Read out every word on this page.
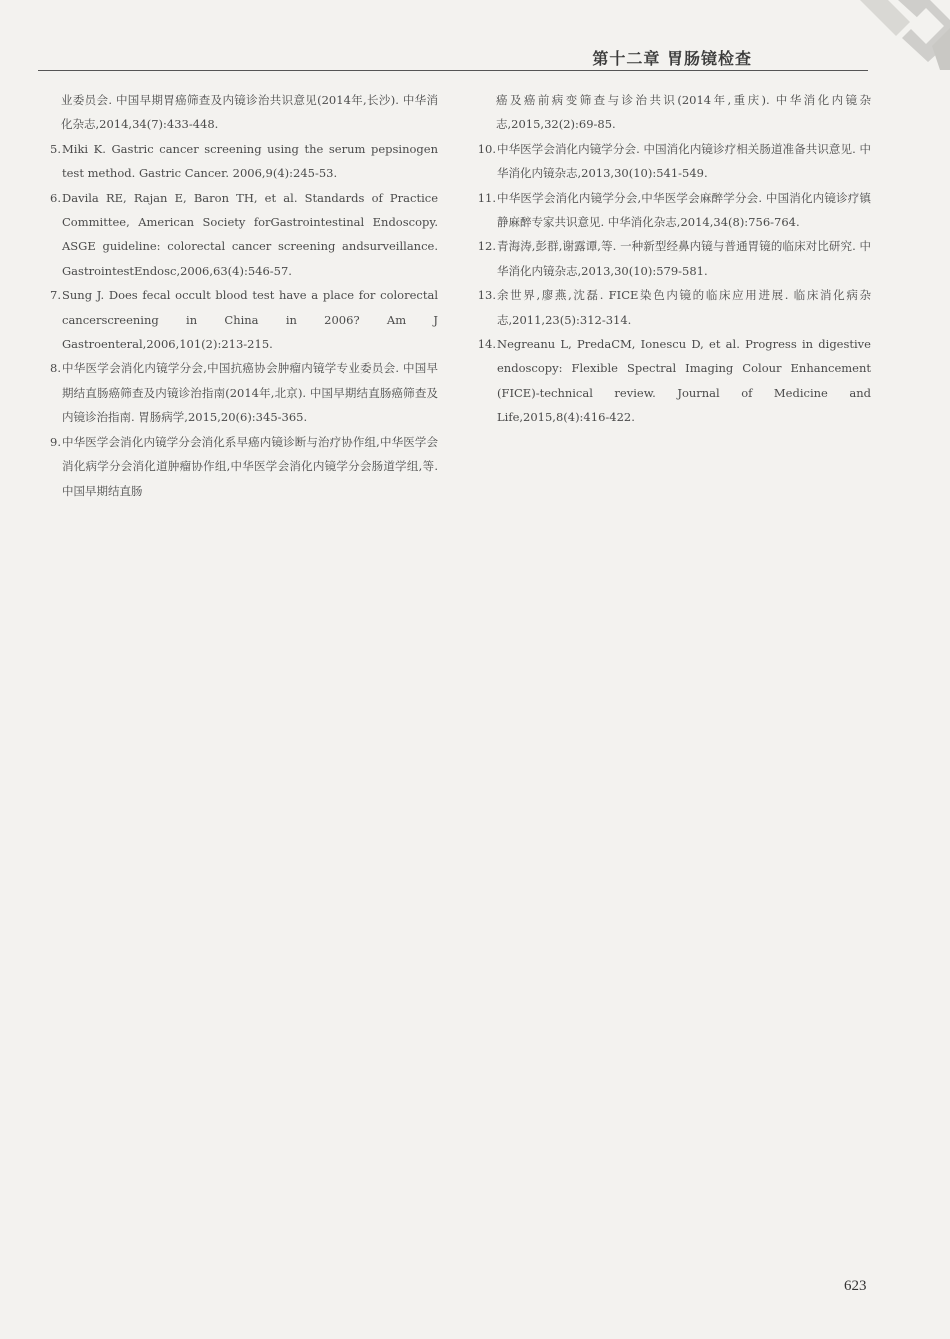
第十二章 胃肠镜检查
业委员会. 中国早期胃癌筛查及内镜诊治共识意见(2014年,长沙). 中华消化杂志,2014,34(7):433-448.
5. Miki K. Gastric cancer screening using the serum pepsinogen test method. Gastric Cancer. 2006,9(4):245-53.
6. Davila RE, Rajan E, Baron TH, et al. Standards of Practice Committee, American Society forGastrointestinal Endoscopy. ASGE guideline: colorectal cancer screening andsurveillance. GastrointestEndosc,2006,63(4):546-57.
7. Sung J. Does fecal occult blood test have a place for colorectal cancerscreening in China in 2006? Am J Gastroenteral,2006,101(2):213-215.
8. 中华医学会消化内镜学分会,中国抗癌协会肿瘤内镜学专业委员会. 中国早期结直肠癌筛查及内镜诊治指南(2014年,北京). 中国早期结直肠癌筛查及内镜诊治指南. 胃肠病学,2015,20(6):345-365.
9. 中华医学会消化内镜学分会消化系早癌内镜诊断与治疗协作组,中华医学会消化病学分会消化道肿瘤协作组,中华医学会消化内镜学分会肠道学组,等. 中国早期结直肠
癌及癌前病变筛查与诊治共识(2014年,重庆). 中华消化内镜杂志,2015,32(2):69-85.
10. 中华医学会消化内镜学分会. 中国消化内镜诊疗相关肠道准备共识意见. 中华消化内镜杂志,2013,30(10):541-549.
11. 中华医学会消化内镜学分会,中华医学会麻醉学分会. 中国消化内镜诊疗镇静麻醉专家共识意见. 中华消化杂志,2014,34(8):756-764.
12. 青海涛,彭群,谢露谭,等. 一种新型经鼻内镜与普通胃镜的临床对比研究. 中华消化内镜杂志,2013,30(10):579-581.
13. 余世界,廖燕,沈磊. FICE染色内镜的临床应用进展. 临床消化病杂志,2011,23(5):312-314.
14. Negreanu L, PredaCM, Ionescu D, et al. Progress in digestive endoscopy: Flexible Spectral Imaging Colour Enhancement (FICE)-technical review. Journal of Medicine and Life,2015,8(4):416-422.
623
